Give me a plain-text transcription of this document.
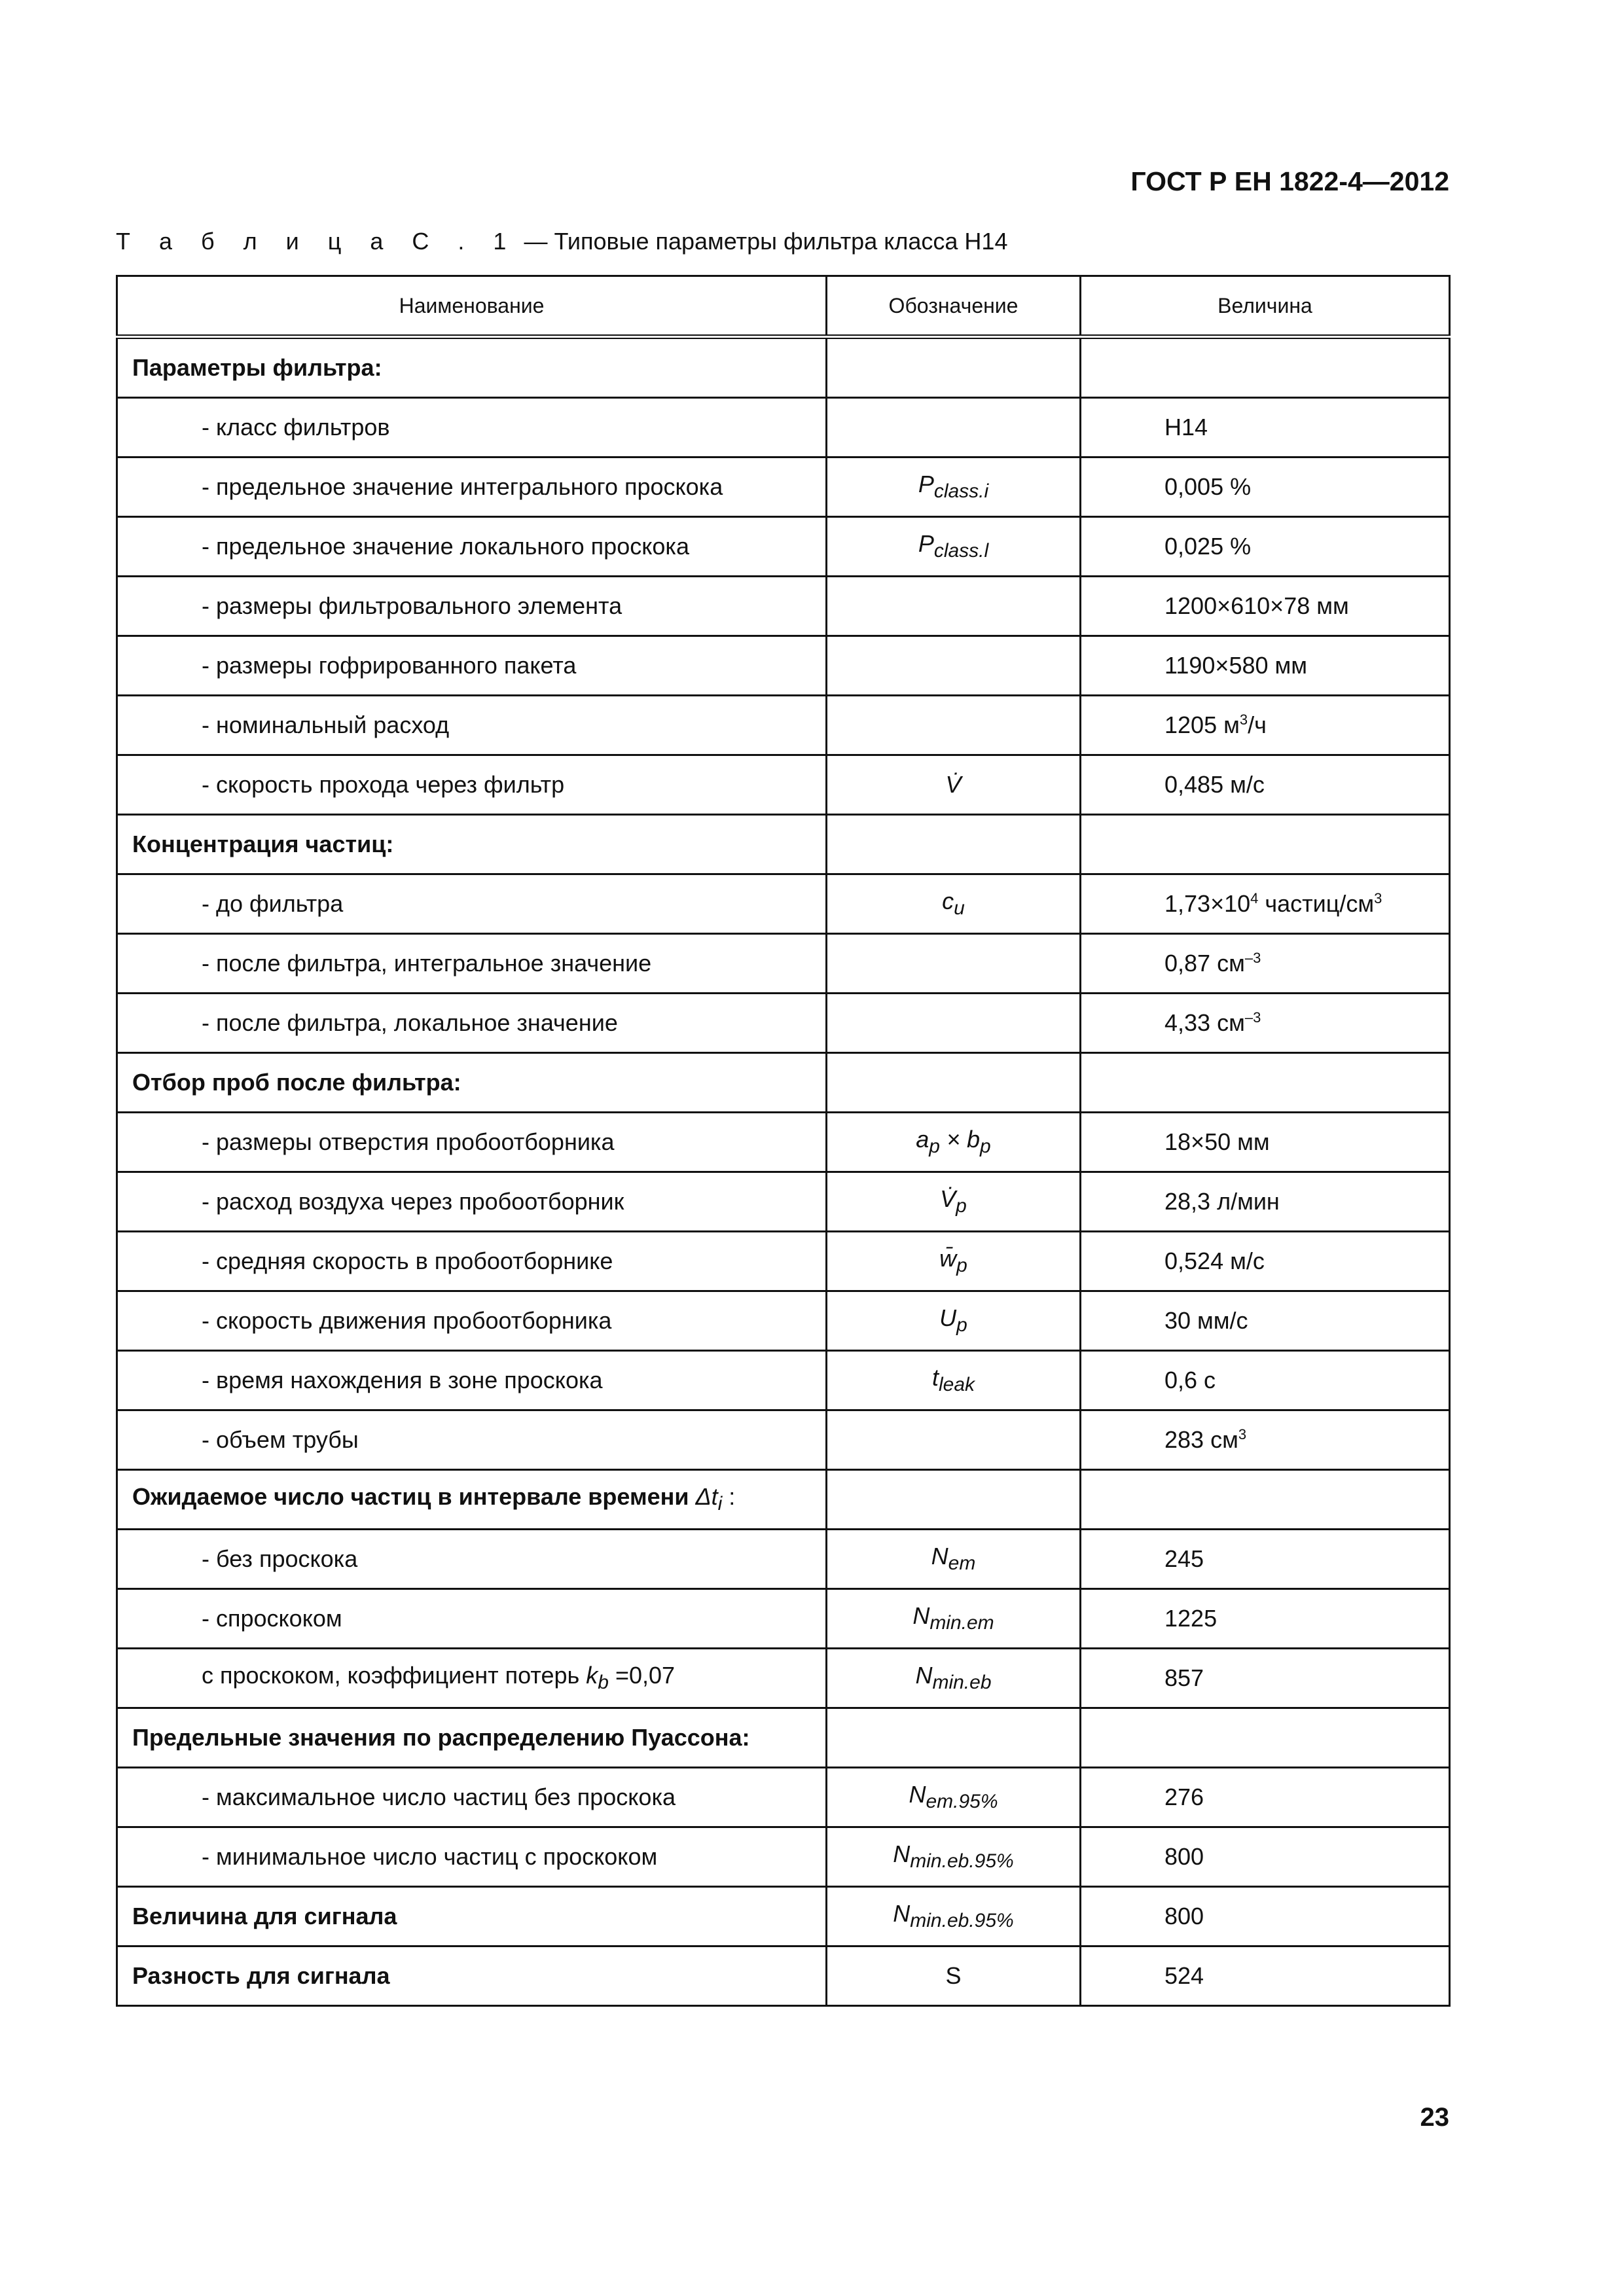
ГОСТ Р ЕН 1822-4—2012
Т а б л и ц а С . 1 — Типовые параметры фильтра класса Н14
Наименование	Обозначение	Величина
Параметры фильтра:		
- класс фильтров		Н14
- предельное значение интегрального проскока	$P_{class.i}$	0,005 %
- предельное значение локального проскока	$P_{class.l}$	0,025 %
- размеры фильтровального элемента		1200×610×78 мм
- размеры гофрированного пакета		1190×580 мм
- номинальный расход		1205 $м^3/ч$
- скорость прохода через фильтр	V̇	0,485 м/с
Концентрация частиц:		
- до фильтра	$c_u$	$1,73\times 10^4$ частиц/$см^3$
- после фильтра, интегральное значение		0,87 $см^{-3}$
- после фильтра, локальное значение		4,33 $см^{-3}$
Отбор проб после фильтра:		
- размеры отверстия пробоотборника	$a_p \times b_p$	18×50 мм
- расход воздуха через пробоотборник	$V̇_p$	28,3 л/мин
- средняя скорость в пробоотборнике	$w̄_p$	0,524 м/с
- скорость движения пробоотборника	$U_p$	30 мм/с
- время нахождения в зоне проскока	$t_{leak}$	0,6 с
- объем трубы		283 $см^3$
Ожидаемое число частиц в интервале времени $\Delta t_i$ :		
- без проскока	$N_{em}$	245
- спроскоком	$N_{min.em}$	1225
с проскоком, коэффициент потерь $k_b =0,07$	$N_{min.eb}$	857
Предельные значения по распределению Пуассона:		
- максимальное число частиц без проскока	$N_{em.95\%}$	276
- минимальное число частиц с проскоком	$N_{min.eb.95\%}$	800
Величина для сигнала	$N_{min.eb.95\%}$	800
Разность для сигнала	S	524
23
